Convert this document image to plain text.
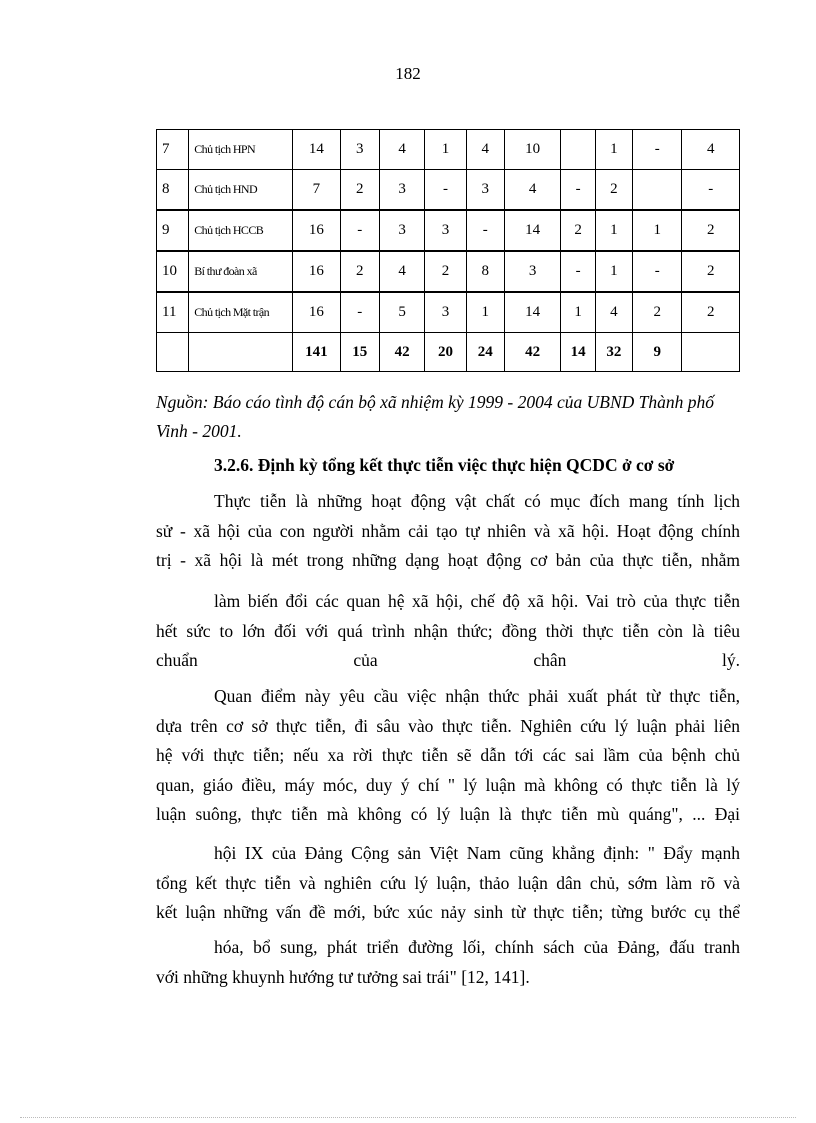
182
7	Chủ tịch HPN	14	3	4	1	4	10		1	-	4
8	Chủ tịch HND	7	2	3	-	3	4	-	2		-
9	Chủ tịch HCCB	16	-	3	3	-	14	2	1	1	2
10	Bí thư đoàn xã	16	2	4	2	8	3	-	1	-	2
11	Chủ tịch Mặt trận	16	-	5	3	1	14	1	4	2	2
		141	15	42	20	24	42	14	32	9	
Nguồn: Báo cáo tình độ cán bộ xã nhiệm kỳ 1999 - 2004 của UBND Thành phố Vinh - 2001.
3.2.6. Định kỳ tổng kết thực tiễn việc thực hiện QCDC ở cơ sở
Thực tiễn là những hoạt động vật chất có mục đích mang tính lịch
sử - xã hội của con người nhằm cải tạo tự nhiên và xã hội. Hoạt động chính
trị - xã hội là mét trong những dạng hoạt động cơ bản của thực tiễn, nhằm
làm biến đổi các quan hệ xã hội, chế độ xã hội. Vai trò của thực tiễn
hết sức to lớn đối với quá trình nhận thức; đồng thời thực tiễn còn là tiêu
chuẩn của chân lý.
Quan điểm này yêu cầu việc nhận thức phải xuất phát từ thực tiễn,
dựa trên cơ sở thực tiễn, đi sâu vào thực tiễn. Nghiên cứu lý luận phải liên
hệ với thực tiễn; nếu xa rời thực tiễn sẽ dẫn tới các sai lầm của bệnh chủ
quan, giáo điều, máy móc, duy ý chí " lý luận mà không có thực tiễn là lý
luận suông, thực tiễn mà không có lý luận là thực tiễn mù quáng", ... Đại
hội IX của Đảng Cộng sản Việt Nam cũng khẳng định: " Đẩy mạnh
tổng kết thực tiễn và nghiên cứu lý luận, thảo luận dân chủ, sớm làm rõ và
kết luận những vấn đề mới, bức xúc nảy sinh từ thực tiễn; từng bước cụ thể
hóa, bổ sung, phát triển đường lối, chính sách của Đảng, đấu tranh
với những khuynh hướng tư tưởng sai trái" [12, 141].
